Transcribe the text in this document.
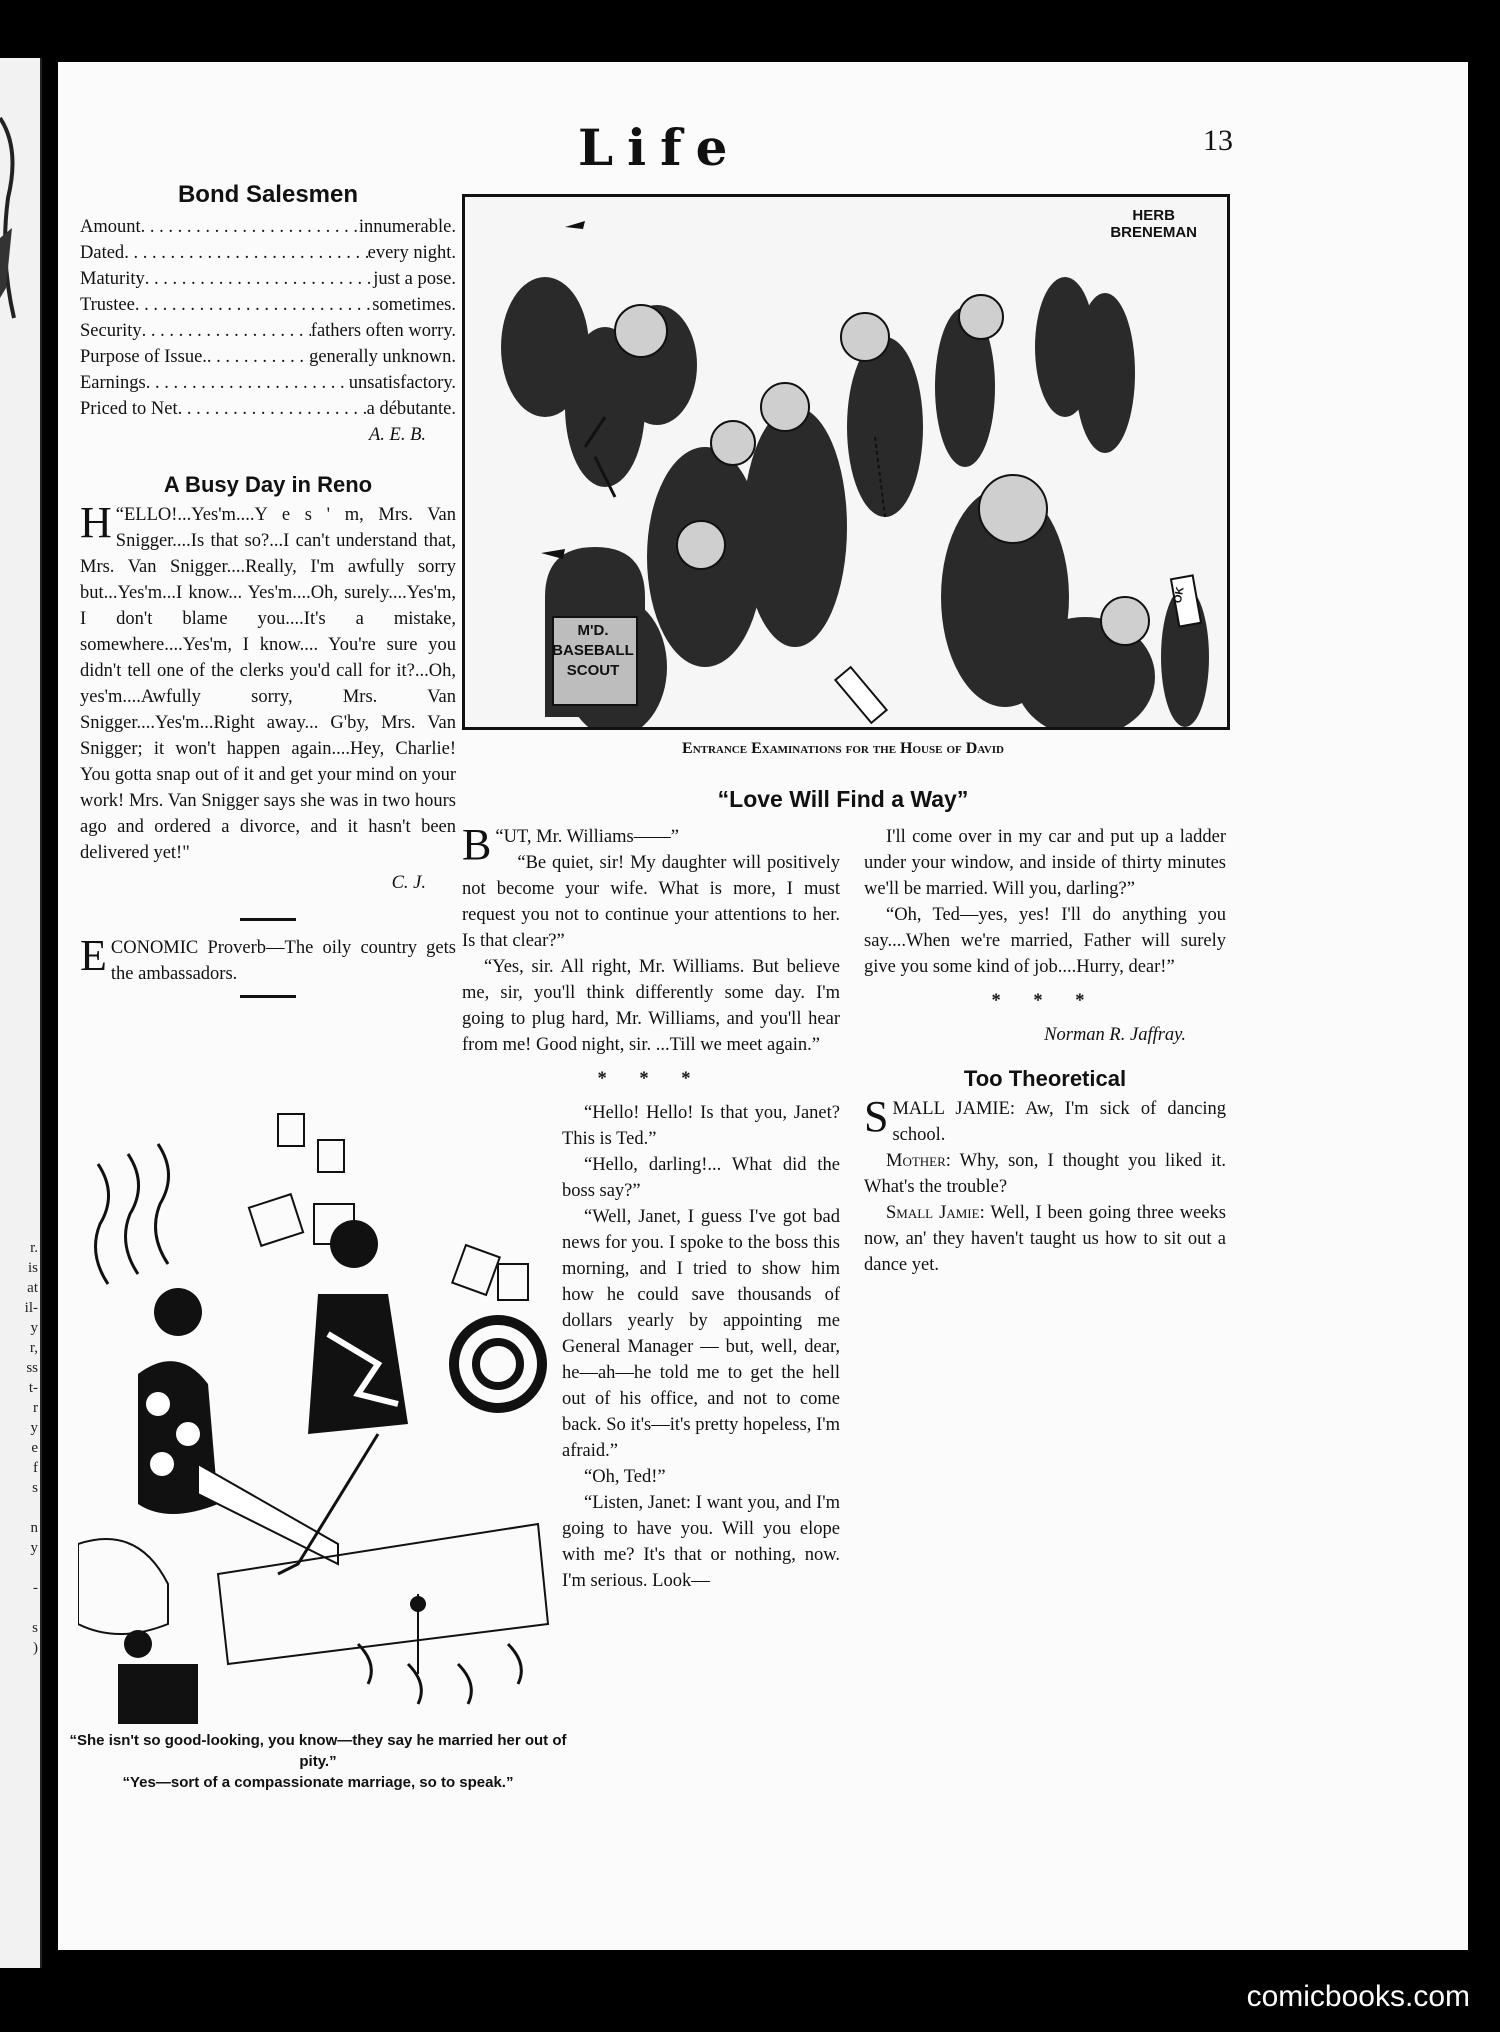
r.
is
at
il-
y
r,
ss
t-
r
y
e
f
s

n
y

-

s
)
Life	13
Bond Salesmen
Amount . . .	innumerable.
Dated . . .	every night.
Maturity . . .	just a pose.
Trustee . . .	sometimes.
Security . . .	fathers often worry.
Purpose of Issue. . . .	generally unknown.
Earnings . . .	unsatisfactory.
Priced to Net . . .	a débutante.
A. E. B.
A Busy Day in Reno

“
H ELLO!...Yes'm....Y e s ' m, Mrs. Van Snigger....Is that so?...I can't understand that, Mrs. Van Snigger....Really, I'm awfully sorry but...Yes'm...I know... Yes'm....Oh, surely....Yes'm, I don't blame you....It's a mistake, somewhere....Yes'm, I know.... You're sure you didn't tell one of the clerks you'd call for it?...Oh, yes'm....Awfully sorry, Mrs. Van Snigger....Yes'm...Right away... G'by, Mrs. Van Snigger; it won't happen again....Hey, Charlie! You gotta snap out of it and get your mind on your work! Mrs. Van Snigger says she was in two hours ago and ordered a divorce, and it hasn't been delivered yet!"

C. J.

ECONOMIC Proverb—The oily country gets the ambassadors.

“She isn't so good-looking, you know—they say he married her out of pity.”
“Yes—sort of a compassionate marriage, so to speak.”
HERB
BRENEMAN
M'D. BASEBALL SCOUT
OK
Entrance Examinations for the House of David
“Love Will Find a Way”

“
B UT, Mr. Williams——”

“Be quiet, sir! My daughter will positively not become your wife. What is more, I must request you not to continue your attentions to her. Is that clear?”

“Yes, sir. All right, Mr. Williams. But believe me, sir, you'll think differently some day. I'm going to plug hard, Mr. Williams, and you'll hear from me! Good night, sir. ...Till we meet again.”

* * *

“Hello! Hello! Is that you, Janet? This is Ted.”

“Hello, darling!... What did the boss say?”

“Well, Janet, I guess I've got bad news for you. I spoke to the boss this morning, and I tried to show him how he could save thousands of dollars yearly by appointing me General Manager — but, well, dear, he—ah—he told me to get the hell out of his office, and not to come back. So it's—it's pretty hopeless, I'm afraid.”

“Oh, Ted!”

“Listen, Janet: I want you, and I'm going to have you. Will you elope with me? It's that or nothing, now. I'm serious. Look—

I'll come over in my car and put up a ladder under your window, and inside of thirty minutes we'll be married. Will you, darling?”

“Oh, Ted—yes, yes! I'll do anything you say....When we're married, Father will surely give you some kind of job....Hurry, dear!”

* * *
Norman R. Jaffray.
Too Theoretical

SMALL JAMIE: Aw, I'm sick of dancing school.

Mother: Why, son, I thought you liked it. What's the trouble?

Small Jamie: Well, I been going three weeks now, an' they haven't taught us how to sit out a dance yet.

comicbooks.com
